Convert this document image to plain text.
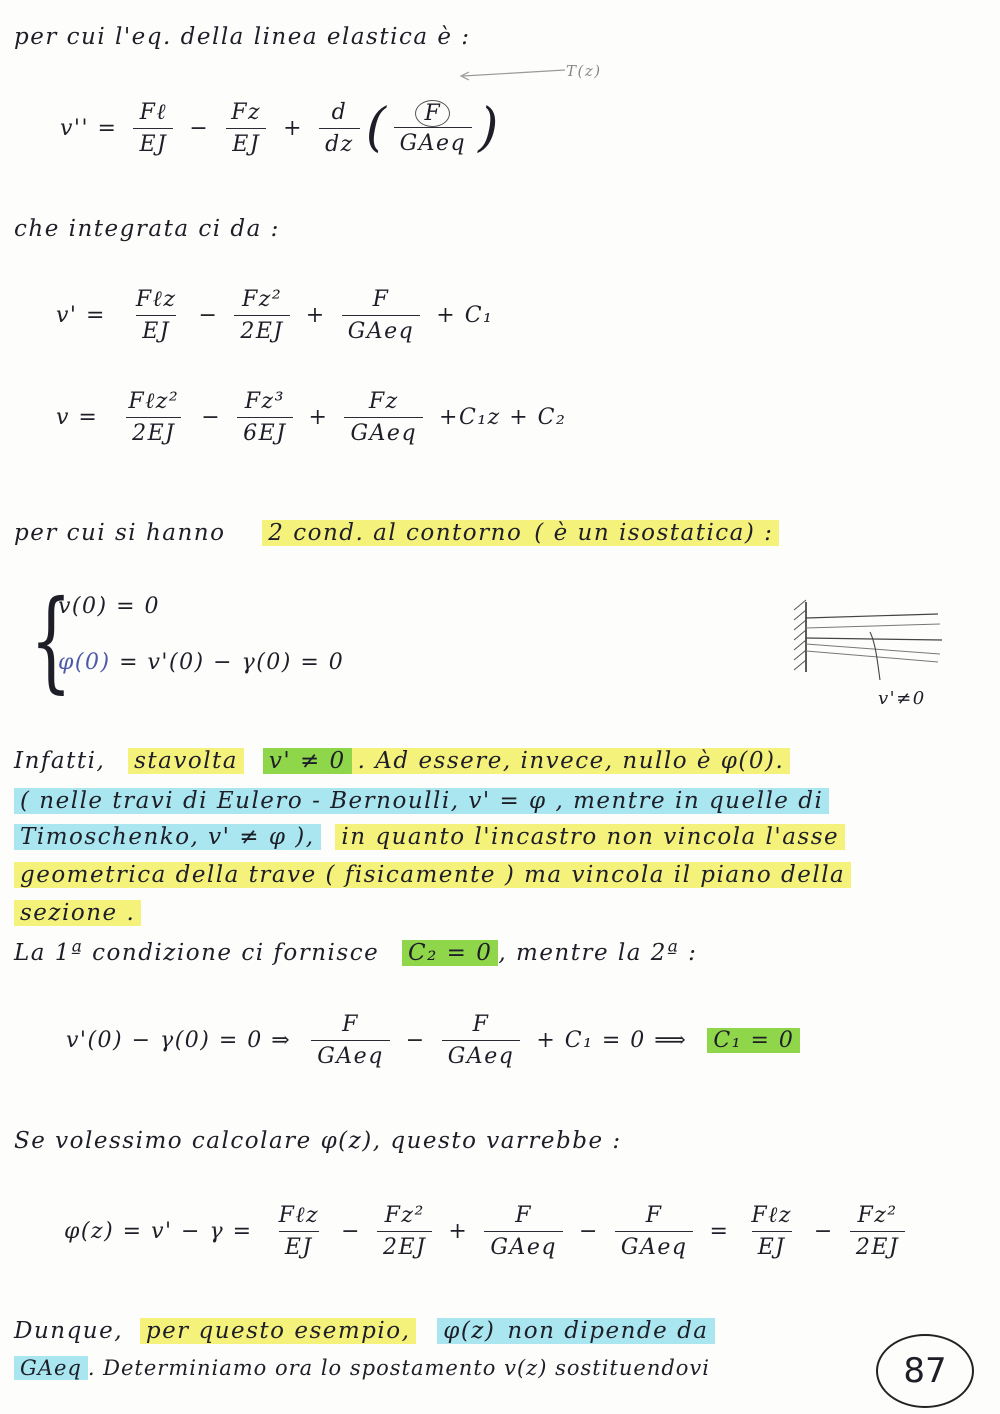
per cui l'eq. della linea elastica è :
T(z)
$v'' = \frac{\text{Fℓ}}{EJ} - \frac{Fz}{EJ} + \frac{d}{dz}$ ( $\frac{F}{\text{GAeq}}$ )
che integrata ci da :
$v' = \frac{\text{Fℓz}}{EJ} - \frac{\text{Fz²}}{2EJ} + \frac{F}{\text{GAeq}} + C_1$
$v = \frac{\text{Fℓz²}}{2EJ} - \frac{\text{Fz³}}{6EJ} + \frac{Fz}{\text{GAeq}} +C_1z + C_2$
per cui si hanno 2 cond. al contorno ( è un isostatica) :
{
v(0) = 0
φ(0) = v'(0) − γ(0) = 0
v'≠0
Infatti, stavolta v' ≠ 0 . Ad essere, invece, nullo è φ(0).
( nelle travi di Eulero - Bernoulli, v' = φ , mentre in quelle di
Timoschenko, v' ≠ φ ), in quanto l'incastro non vincola l'asse
geometrica della trave ( fisicamente ) ma vincola il piano della
sezione .
La 1ª condizione ci fornisce C₂ = 0 , mentre la 2ª :
v'(0) − γ(0) = 0 ⇒ $\frac{F}{\text{GAeq}} - \frac{F}{\text{GAeq}} + C_1 = 0$ ⟹ C₁ = 0
Se volessimo calcolare φ(z), questo varrebbe :
$\varphi(z) = v' - \gamma = \frac{\text{Fℓz}}{EJ} - \frac{\text{Fz²}}{2EJ} + \frac{F}{\text{GAeq}} - \frac{F}{\text{GAeq}} = \frac{\text{Fℓz}}{EJ} - \frac{\text{Fz²}}{2EJ}$
Dunque, per questo esempio, φ(z) non dipende da
GAeq . Determiniamo ora lo spostamento v(z) sostituendovi	87
